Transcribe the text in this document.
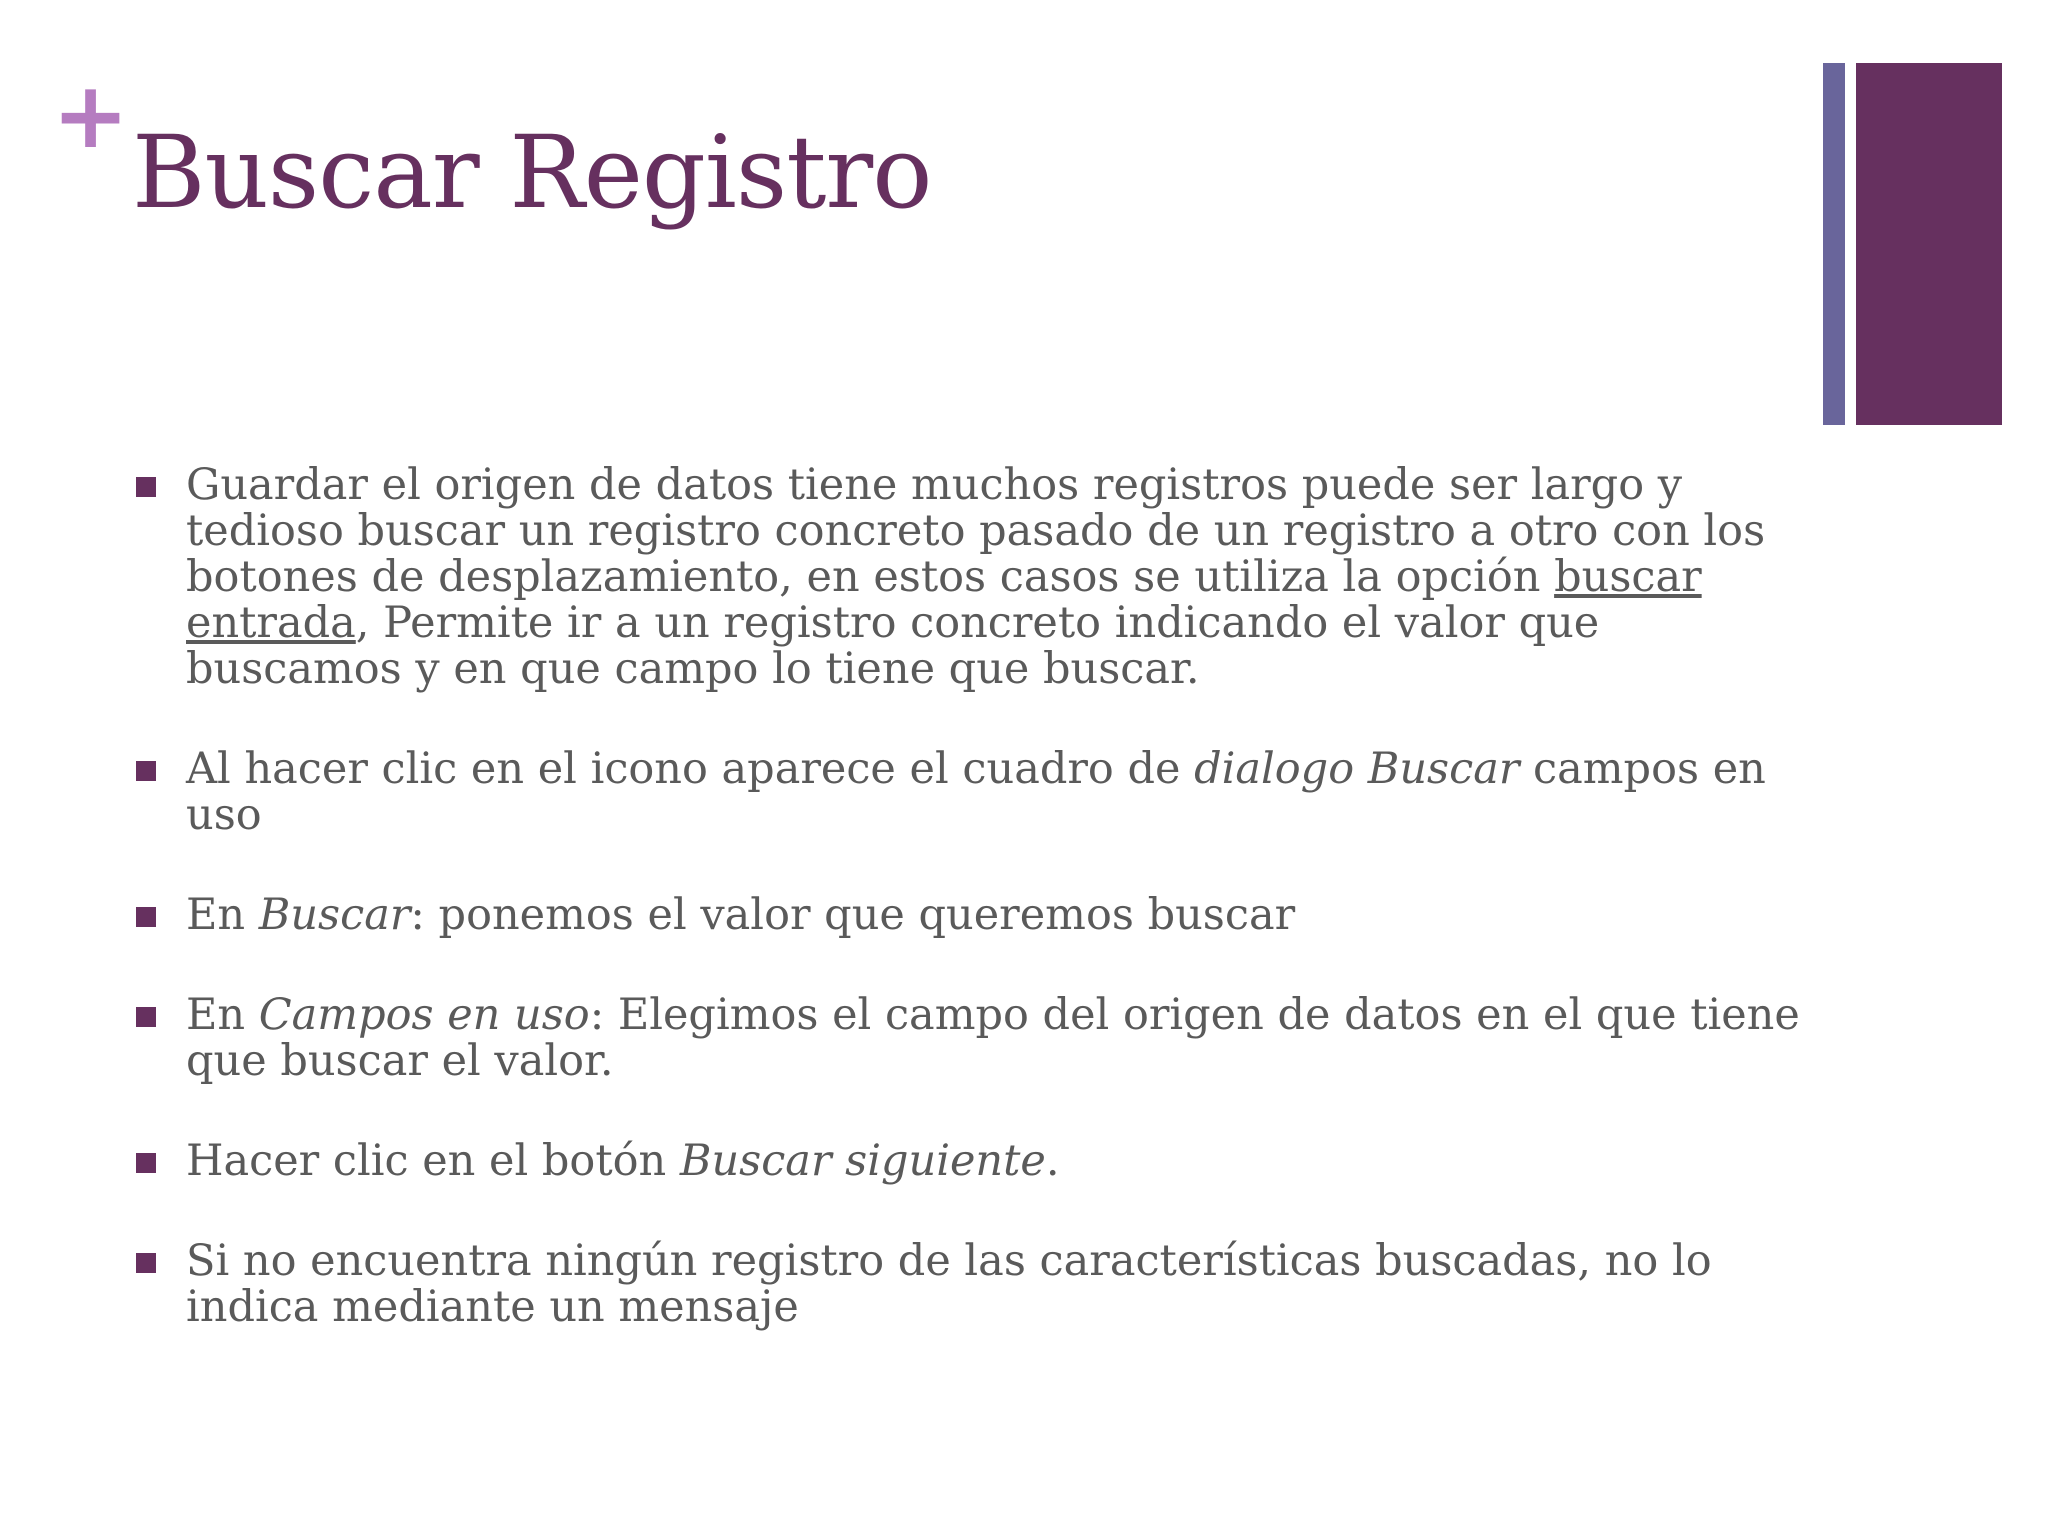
+ Buscar Registro
Guardar el origen de datos tiene muchos registros puede ser largo y tedioso buscar un registro concreto pasado de un registro a otro con los botones de desplazamiento, en estos casos se utiliza la opción buscar entrada, Permite ir a un registro concreto indicando el valor que buscamos y en que campo lo tiene que buscar.
Al hacer clic en el icono aparece el cuadro de dialogo Buscar campos en uso
En Buscar: ponemos el valor que queremos buscar
En Campos en uso: Elegimos el campo del origen de datos en el que tiene que buscar el valor.
Hacer clic en el botón Buscar siguiente.
Si no encuentra ningún registro de las características buscadas, no lo indica mediante un mensaje
